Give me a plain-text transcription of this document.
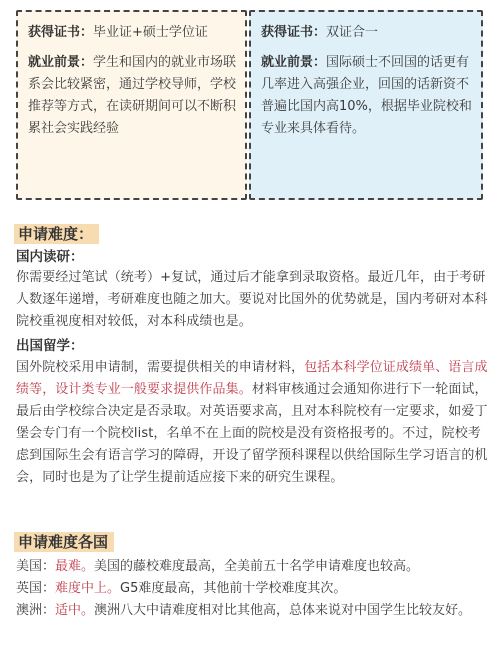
获得证书：毕业证+硕士学位证

就业前景：学生和国内的就业市场联系会比较紧密，通过学校导师，学校推荐等方式，在读研期间可以不断积累社会实践经验

获得证书：双证合一

就业前景：国际硕士不回国的话更有几率进入高强企业，回国的话新资不普遍比国内高10%，根据毕业院校和专业来具体看待。

申请难度：
国内读研：

你需要经过笔试（统考）+复试，通过后才能拿到录取资格。最近几年，由于考研人数逐年递增，考研难度也随之加大。要说对比国外的优势就是，国内考研对本科院校重视度相对较低，对本科成绩也是。

出国留学：

国外院校采用申请制，需要提供相关的申请材料，包括本科学位证成绩单、语言成绩等，设计类专业一般要求提供作品集。材料审核通过会通知你进行下一轮面试，最后由学校综合决定是否录取。对英语要求高，且对本科院校有一定要求，如爱丁堡会专门有一个院校list，名单不在上面的院校是没有资格报考的。不过，院校考虑到国际生会有语言学习的障碍，开设了留学预科课程以供给国际生学习语言的机会，同时也是为了让学生提前适应接下来的研究生课程。

申请难度各国
美国：最难。美国的藤校难度最高，全美前五十名学申请难度也较高。
英国：难度中上。G5难度最高，其他前十学校难度其次。
澳洲：适中。澳洲八大中请难度相对比其他高，总体来说对中国学生比较友好。
